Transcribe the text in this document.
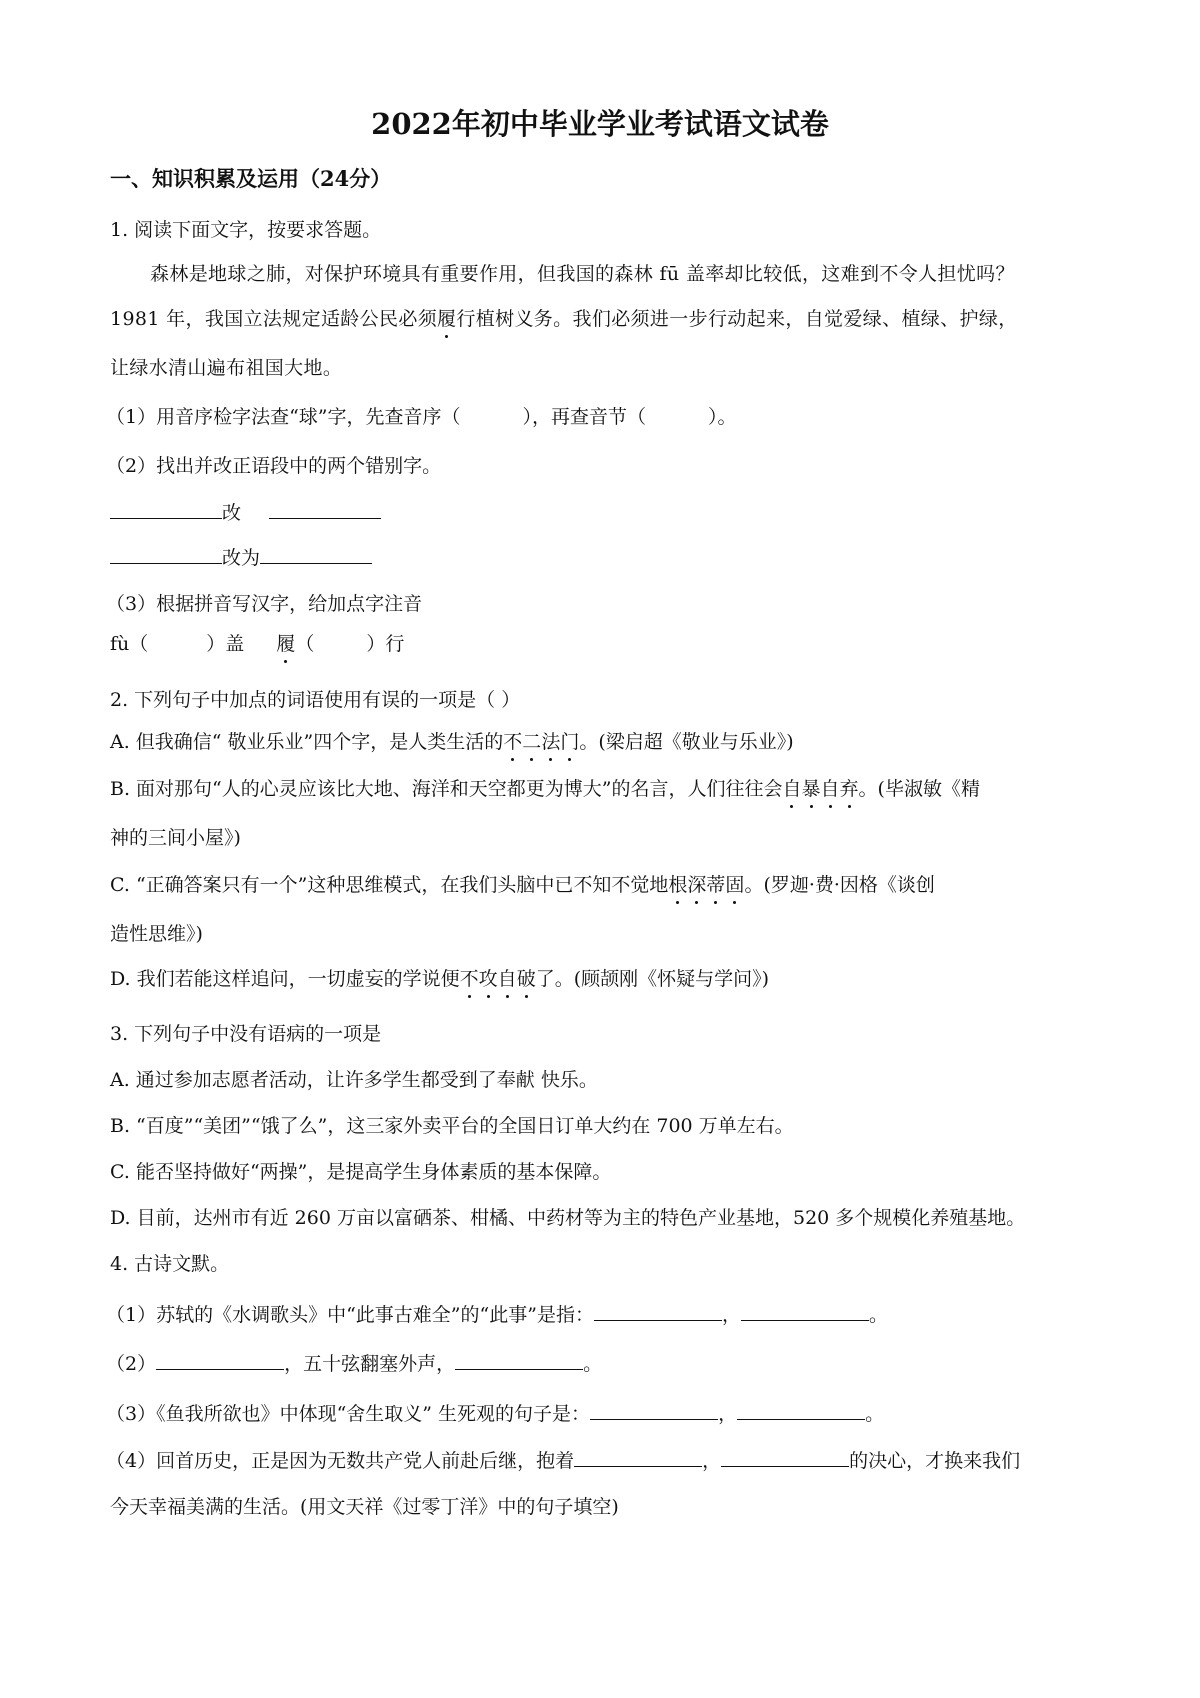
2022年初中毕业学业考试语文试卷
一、知识积累及运用（24分）
1. 阅读下面文字，按要求答题。
森林是地球之肺，对保护环境具有重要作用，但我国的森林 fū 盖率却比较低，这难到不令人担忧吗？
1981 年，我国立法规定适龄公民必须履行植树义务。我们必须进一步行动起来，自觉爱绿、植绿、护绿，
让绿水清山遍布祖国大地。
（1）用音序检字法查“球”字，先查音序（	），再查音节（	）。
（2）找出并改正语段中的两个错别字。
改
改为
（3）根据拼音写汉字，给加点字注音
fù（	）盖 履（	）行
2. 下列句子中加点的词语使用有误的一项是（ ）
A. 但我确信“ 敬业乐业”四个字，是人类生活的不二法门。(梁启超《敬业与乐业》)
B. 面对那句“人的心灵应该比大地、海洋和天空都更为博大”的名言，人们往往会自暴自弃。(毕淑敏《精
神的三间小屋》)
C. “正确答案只有一个”这种思维模式，在我们头脑中已不知不觉地根深蒂固。(罗迦·费·因格《谈创
造性思维》)
D. 我们若能这样追问，一切虚妄的学说便不攻自破了。(顾颉刚《怀疑与学问》)
3. 下列句子中没有语病的一项是
A. 通过参加志愿者活动，让许多学生都受到了奉献 快乐。
B. “百度”“美团”“饿了么”，这三家外卖平台的全国日订单大约在 700 万单左右。
C. 能否坚持做好“两操”，是提高学生身体素质的基本保障。
D. 目前，达州市有近 260 万亩以富硒茶、柑橘、中药材等为主的特色产业基地，520 多个规模化养殖基地。
4. 古诗文默。
（1）苏轼的《水调歌头》中“此事古难全”的“此事”是指：	，	。
（2）	，五十弦翻塞外声，	。
（3）《鱼我所欲也》中体现“舍生取义” 生死观的句子是：	，	。
（4）回首历史，正是因为无数共产党人前赴后继，抱着	，	的决心，才换来我们
今天幸福美满的生活。(用文天祥《过零丁洋》中的句子填空)
